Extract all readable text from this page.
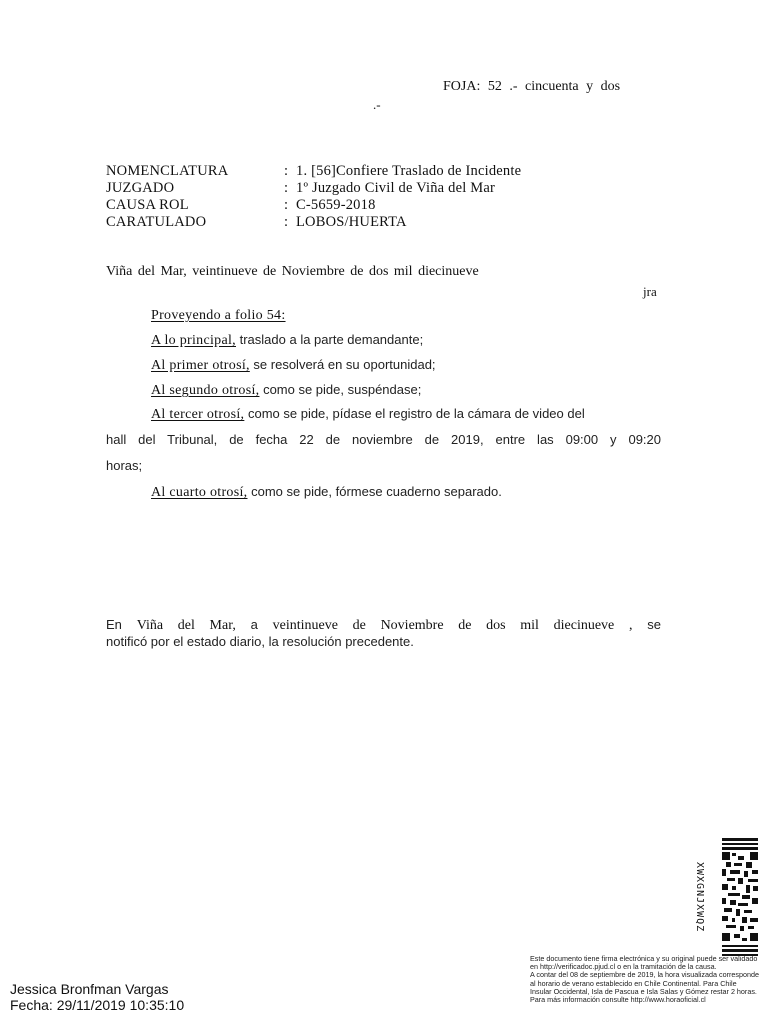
FOJA: 52 .- cincuenta y dos
.-
NOMENCLATURA	: 1. [56]Confiere Traslado de Incidente
JUZGADO	: 1º Juzgado Civil de Viña del Mar
CAUSA ROL	: C-5659-2018
CARATULADO	: LOBOS/HUERTA
Viña del Mar, veintinueve de Noviembre de dos mil diecinueve
jra
Proveyendo a folio 54:
A lo principal, traslado a la parte demandante;
Al primer otrosí, se resolverá en su oportunidad;
Al segundo otrosí, como se pide, suspéndase;
Al tercer otrosí, como se pide, pídase el registro de la cámara de video del
hall del Tribunal, de fecha 22 de noviembre de 2019, entre las 09:00 y 09:20
horas;
Al cuarto otrosí, como se pide, fórmese cuaderno separado.
En Viña del Mar, a veintinueve de Noviembre de dos mil diecinueve , se
notificó por el estado diario, la resolución precedente.
XWXGNJXWQZ
Este documento tiene firma electrónica y su original puede ser validado en http://verificadoc.pjud.cl o en la tramitación de la causa.
A contar del 08 de septiembre de 2019, la hora visualizada corresponde al horario de verano establecido en Chile Continental. Para Chile Insular Occidental, Isla de Pascua e Isla Salas y Gómez restar 2 horas. Para más información consulte http://www.horaoficial.cl
Jessica Bronfman Vargas
Fecha: 29/11/2019 10:35:10
